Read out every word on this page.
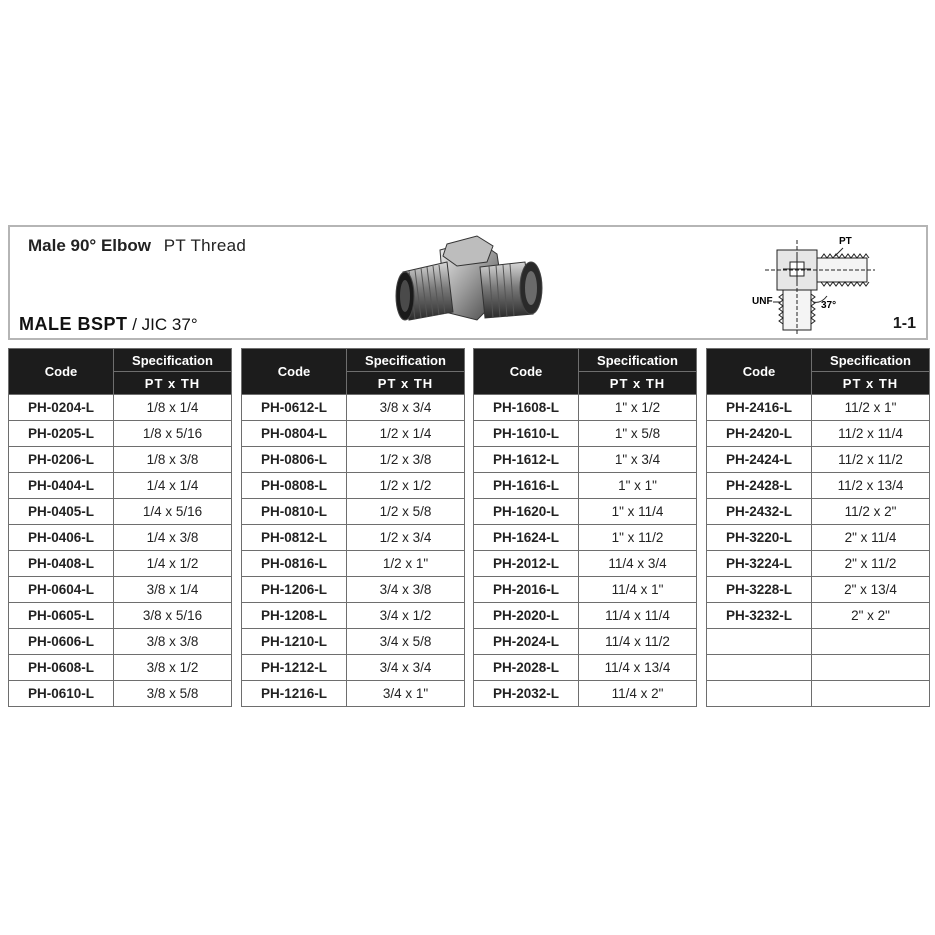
Male 90° Elbow PT Thread	PT
UNF	37°
MALE BSPT / JIC 37°	1-1
Code	Specification
	PT x TH
PH-0204-L	1/8 x 1/4
PH-0205-L	1/8 x 5/16
PH-0206-L	1/8 x 3/8
PH-0404-L	1/4 x 1/4
PH-0405-L	1/4 x 5/16
PH-0406-L	1/4 x 3/8
PH-0408-L	1/4 x 1/2
PH-0604-L	3/8 x 1/4
PH-0605-L	3/8 x 5/16
PH-0606-L	3/8 x 3/8
PH-0608-L	3/8 x 1/2
PH-0610-L	3/8 x 5/8
Code	Specification
	PT x TH
PH-0612-L	3/8 x 3/4
PH-0804-L	1/2 x 1/4
PH-0806-L	1/2 x 3/8
PH-0808-L	1/2 x 1/2
PH-0810-L	1/2 x 5/8
PH-0812-L	1/2 x 3/4
PH-0816-L	1/2 x 1"
PH-1206-L	3/4 x 3/8
PH-1208-L	3/4 x 1/2
PH-1210-L	3/4 x 5/8
PH-1212-L	3/4 x 3/4
PH-1216-L	3/4 x 1"
Code	Specification
	PT x TH
PH-1608-L	1" x 1/2
PH-1610-L	1" x 5/8
PH-1612-L	1" x 3/4
PH-1616-L	1" x 1"
PH-1620-L	1" x 11/4
PH-1624-L	1" x 11/2
PH-2012-L	11/4 x 3/4
PH-2016-L	11/4 x 1"
PH-2020-L	11/4 x 11/4
PH-2024-L	11/4 x 11/2
PH-2028-L	11/4 x 13/4
PH-2032-L	11/4 x 2"
Code	Specification
	PT x TH
PH-2416-L	11/2 x 1"
PH-2420-L	11/2 x 11/4
PH-2424-L	11/2 x 11/2
PH-2428-L	11/2 x 13/4
PH-2432-L	11/2 x 2"
PH-3220-L	2" x 11/4
PH-3224-L	2" x 11/2
PH-3228-L	2" x 13/4
PH-3232-L	2" x 2"
